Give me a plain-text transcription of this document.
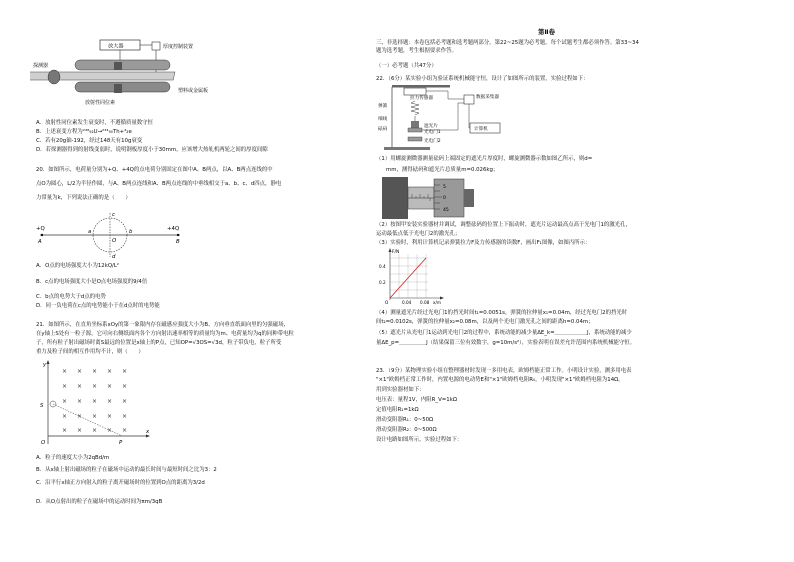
放大器	厚度控制装置
探测器
放射性同位素
塑料或金属板
A．放射性同位素发生衰变时，不遵循质量数守恒
B．上述衰变方程为²³⁸₉₂U→²³⁴₉₀Th+⁴₂e
C．若有20g铀-192，经过148天有10g衰变
D．若探测器得到的射线变弱时，说明钢板厚度小于30mm，应该增大热轧机两轮之间的厚度间隙
20．如图所示，电荷量分别为+Q、+4Q的点电荷分别固定在图中A、B两点，以A、B两点连线的中
点O为圆心，L/2为半径作圆，与A、B两点连线和A、B两点连线的中垂线相交于a、b、c、d四点，静电
力常量为k，下列说法正确的是（　　）
+Q	+4Q
A	B
O
a	b
c
d
A．O点的电场强度大小为12kQ/L²
B．c点的电场强度大小是O点电场强度的9/4倍
C．b点的电势大于d点的电势
D．同一负电荷在c点的电势能小于在d点时的电势能
21．如图所示，在直角坐标系xOy的第一象限内存在磁感应强度大小为B、方向垂直纸面向里的匀强磁场，
在y轴上S处有一粒子源，它可向右侧纸面内各个方向射出速率相等的质量均为m、电荷量均为q的同种带电粒
子，所有粒子射出磁场时离S最远的位置是x轴上的P点，已知OP=√3OS=√3d，粒子带负电，粒子所受
重力及粒子间的相互作用均不计，则（　　）
y
x
O
S
P
× × × × ×
× × × × ×
× × × × ×
× × × × ×
× × × × ×
A．粒子的速度大小为2qBd/m
B．从x轴上射出磁场的粒子在磁场中运动的最长时间与最短时间之比为3：2
C．沿平行x轴正方向射入的粒子离开磁场时的位置到O点的距离为3/2d
D．从O点射出的粒子在磁场中的运动时间为πm/3qB
第Ⅱ卷
三、非选择题：本卷包括必考题和选考题两部分。第22~25题为必考题，每个试题考生都必须作答。第33~34
题为选考题，考生根据要求作答。
（一）必考题（共47分）
22．（6分）某实验小组为验证系统机械能守恒，设计了如图所示的装置，实验过程如下：
拉力传感器
弹簧
细线
砝码
遮光片
光电门1
光电门2
数据采集器
计算机
（1）用螺旋测微器测量砝码上端固定的遮光片厚度时，螺旋测微器示数如图乙所示，则d=
mm，测得砝码和遮光片总质量m=0.026kg；
5
0
45
（2）按图甲安装实验器材并调试，调整砝码的位置上下振动时，遮光片运动最高点高于光电门1的激光孔，
运动最低点低于光电门2的激光孔；
（3）实验时，利用计算机记录弹簧拉力F及力传感器的读数F，画出F₁图像，如图丙所示：
F/N
0.4
0.2
O	0.04 0.08 x/m
（4）测量遮光片经过光电门1的挡光时间t₁=0.0051s，弹簧的拉伸量x₁=0.04m，经过光电门2的挡光时
间t₂=0.0102s，弹簧的拉伸量x₂=0.08m，以及两个光电门激光孔之间的距离h=0.04m；
（5）遮光片从光电门1运动到光电门2的过程中，系统动能的减少量ΔE_k=＿＿＿＿＿＿J，系统动能的减少
量ΔE_p=＿＿＿＿＿J（结果保留三位有效数字，g=10m/s²），实验表明在误差允许范围内系统机械能守恒。
23．（9分）某物理实验小组在整理器材时发现一多用电表，欧姆档能正常工作。小明设计实验，测多用电表
"×1"欧姆档正常工作时，内置电源的电动势E和"×1"欧姆档电阻R₀，小明发现"×1"欧姆档电阻为14Ω。
用到实验器材如下：
电压表：量程1V，内阻R_V=1kΩ
定值电阻R₁=1kΩ
滑动变阻器R₁：0~50Ω
滑动变阻器R₂：0~500Ω
设计电路如图所示，实验过程如下：
